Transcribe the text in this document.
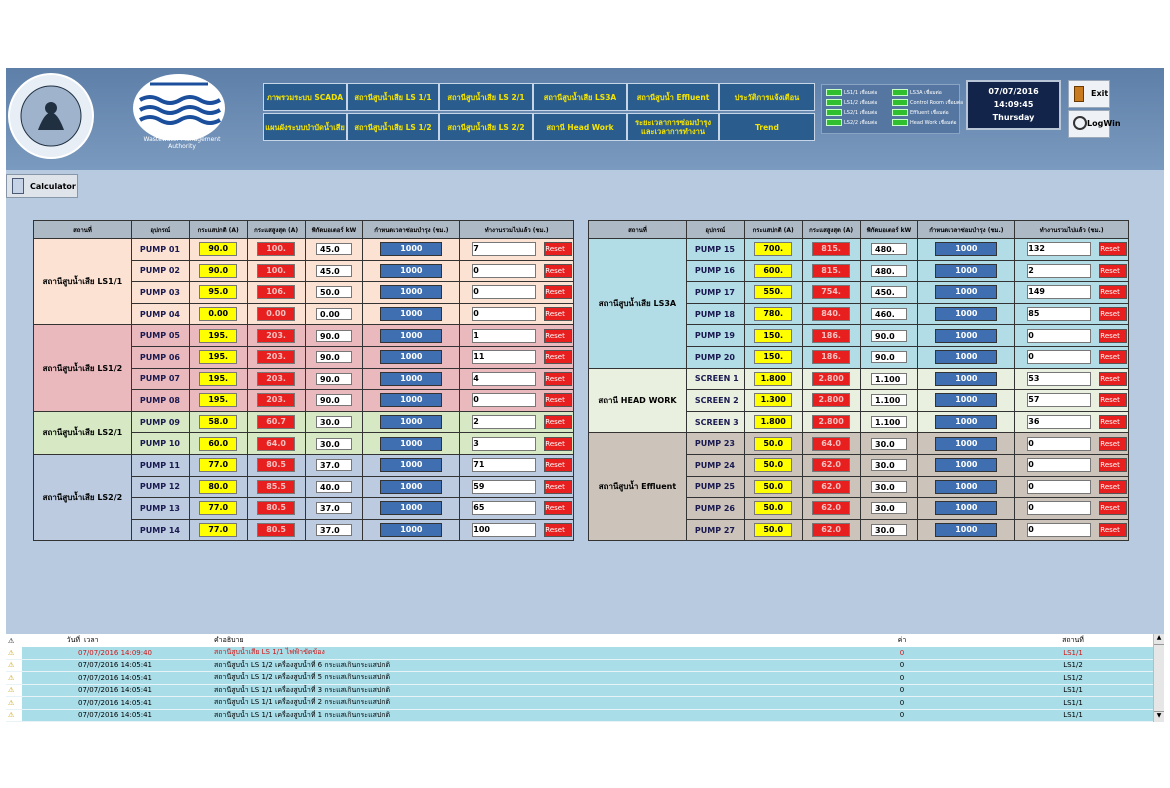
Wastewater Management Authority
ภาพรวมระบบ SCADA	สถานีสูบน้ำเสีย LS 1/1	สถานีสูบน้ำเสีย LS 2/1	สถานีสูบน้ำเสีย LS3A	สถานีสูบน้ำ Effluent	ประวัติการแจ้งเตือน
แผนผังระบบบำบัดน้ำเสีย	สถานีสูบน้ำเสีย LS 1/2	สถานีสูบน้ำเสีย LS 2/2	สถานี Head Work	ระยะเวลาการซ่อมบำรุง และเวลาการทำงาน	Trend
LS1/1 เชื่อมต่อ	LS3A เชื่อมต่อ
LS1/2 เชื่อมต่อ	Control Room เชื่อมต่อ
LS2/1 เชื่อมต่อ	Effluent เชื่อมต่อ
LS2/2 เชื่อมต่อ	Head Work เชื่อมต่อ
07/07/2016
14:09:45
Thursday
Exit
LogWin
Calculator
สถานที่	อุปกรณ์	กระแสปกติ (A)	กระแสสูงสุด (A)	พิกัดมอเตอร์ kW	กำหนดเวลาซ่อมบำรุง (ชม.)	ทำงานรวมไปแล้ว (ชม.)
สถานีสูบน้ำเสีย LS1/1	PUMP 01	90.0	100.	45.0	1000	7 Reset
	PUMP 02	90.0	100.	45.0	1000	0 Reset
	PUMP 03	95.0	106.	50.0	1000	0 Reset
	PUMP 04	0.00	0.00	0.00	1000	0 Reset
สถานีสูบน้ำเสีย LS1/2	PUMP 05	195.	203.	90.0	1000	1 Reset
	PUMP 06	195.	203.	90.0	1000	11 Reset
	PUMP 07	195.	203.	90.0	1000	4 Reset
	PUMP 08	195.	203.	90.0	1000	0 Reset
สถานีสูบน้ำเสีย LS2/1	PUMP 09	58.0	60.7	30.0	1000	2 Reset
	PUMP 10	60.0	64.0	30.0	1000	3 Reset
สถานีสูบน้ำเสีย LS2/2	PUMP 11	77.0	80.5	37.0	1000	71 Reset
	PUMP 12	80.0	85.5	40.0	1000	59 Reset
	PUMP 13	77.0	80.5	37.0	1000	65 Reset
	PUMP 14	77.0	80.5	37.0	1000	100 Reset
สถานที่	อุปกรณ์	กระแสปกติ (A)	กระแสสูงสุด (A)	พิกัดมอเตอร์ kW	กำหนดเวลาซ่อมบำรุง (ชม.)	ทำงานรวมไปแล้ว (ชม.)
สถานีสูบน้ำเสีย LS3A	PUMP 15	700.	815.	480.	1000	132 Reset
	PUMP 16	600.	815.	480.	1000	2 Reset
	PUMP 17	550.	754.	450.	1000	149 Reset
	PUMP 18	780.	840.	460.	1000	85 Reset
	PUMP 19	150.	186.	90.0	1000	0 Reset
	PUMP 20	150.	186.	90.0	1000	0 Reset
สถานี HEAD WORK	SCREEN 1	1.800	2.800	1.100	1000	53 Reset
	SCREEN 2	1.300	2.800	1.100	1000	57 Reset
	SCREEN 3	1.800	2.800	1.100	1000	36 Reset
สถานีสูบน้ำ Effluent	PUMP 23	50.0	64.0	30.0	1000	0 Reset
	PUMP 24	50.0	62.0	30.0	1000	0 Reset
	PUMP 25	50.0	62.0	30.0	1000	0 Reset
	PUMP 26	50.0	62.0	30.0	1000	0 Reset
	PUMP 27	50.0	62.0	30.0	1000	0 Reset
⚠	วันที่	เวลา	คำอธิบาย	ค่า	สถานที่
⚠	07/07/2016 14:09:40		สถานีสูบน้ำเสีย LS 1/1 ไฟฟ้าขัดข้อง	0	LS1/1
⚠	07/07/2016 14:05:41		สถานีสูบน้ำ LS 1/2 เครื่องสูบน้ำที่ 6 กระแสเกินกระแสปกติ	0	LS1/2
⚠	07/07/2016 14:05:41		สถานีสูบน้ำ LS 1/2 เครื่องสูบน้ำที่ 5 กระแสเกินกระแสปกติ	0	LS1/2
⚠	07/07/2016 14:05:41		สถานีสูบน้ำ LS 1/1 เครื่องสูบน้ำที่ 3 กระแสเกินกระแสปกติ	0	LS1/1
⚠	07/07/2016 14:05:41		สถานีสูบน้ำ LS 1/1 เครื่องสูบน้ำที่ 2 กระแสเกินกระแสปกติ	0	LS1/1
⚠	07/07/2016 14:05:41		สถานีสูบน้ำ LS 1/1 เครื่องสูบน้ำที่ 1 กระแสเกินกระแสปกติ	0	LS1/1
▲
▼
